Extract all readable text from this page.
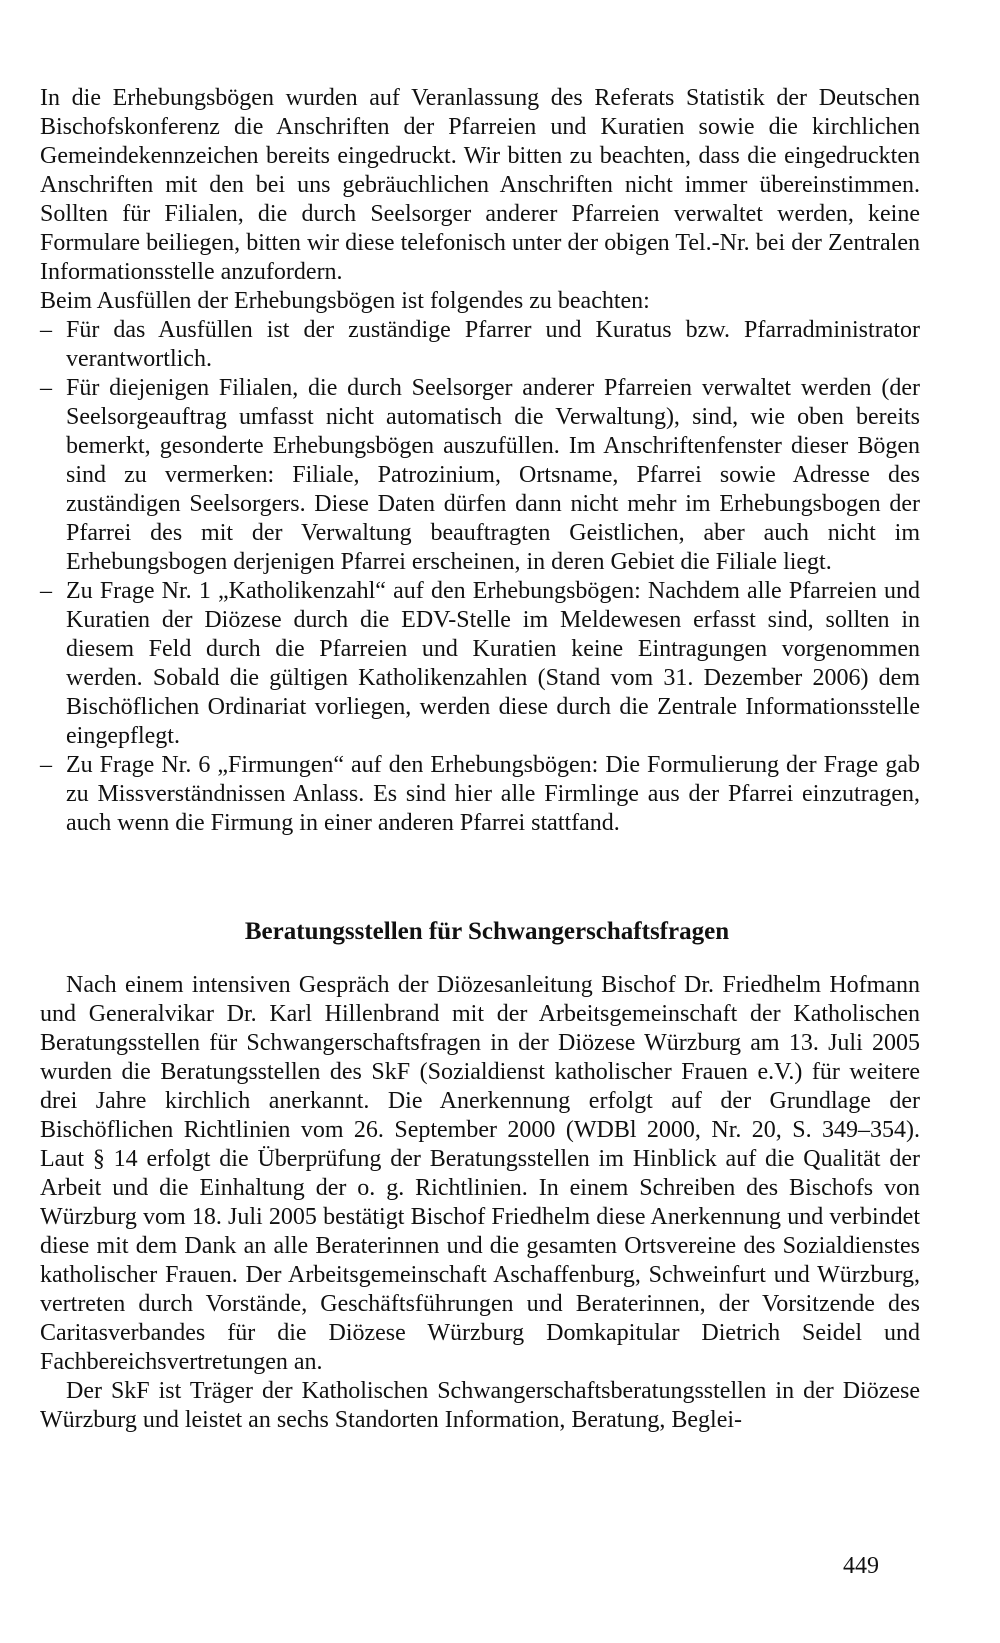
In die Erhebungsbögen wurden auf Veranlassung des Referats Statistik der Deutschen Bischofskonferenz die Anschriften der Pfarreien und Kuratien sowie die kirchlichen Gemeindekennzeichen bereits eingedruckt. Wir bitten zu beachten, dass die eingedruckten Anschriften mit den bei uns gebräuchlichen Anschriften nicht immer übereinstimmen. Sollten für Filialen, die durch Seelsorger anderer Pfarreien verwaltet werden, keine Formulare beiliegen, bitten wir diese telefonisch unter der obigen Tel.-Nr. bei der Zentralen Informationsstelle anzufordern.

Beim Ausfüllen der Erhebungsbögen ist folgendes zu beachten:

– Für das Ausfüllen ist der zuständige Pfarrer und Kuratus bzw. Pfarradministrator verantwortlich.
– Für diejenigen Filialen, die durch Seelsorger anderer Pfarreien verwaltet werden (der Seelsorgeauftrag umfasst nicht automatisch die Verwaltung), sind, wie oben bereits bemerkt, gesonderte Erhebungsbögen auszufüllen. Im Anschriftenfenster dieser Bögen sind zu vermerken: Filiale, Patrozinium, Ortsname, Pfarrei sowie Adresse des zuständigen Seelsorgers. Diese Daten dürfen dann nicht mehr im Erhebungsbogen der Pfarrei des mit der Verwaltung beauftragten Geistlichen, aber auch nicht im Erhebungsbogen derjenigen Pfarrei erscheinen, in deren Gebiet die Filiale liegt.
– Zu Frage Nr. 1 „Katholikenzahl“ auf den Erhebungsbögen: Nachdem alle Pfarreien und Kuratien der Diözese durch die EDV-Stelle im Meldewesen erfasst sind, sollten in diesem Feld durch die Pfarreien und Kuratien keine Eintragungen vorgenommen werden. Sobald die gültigen Katholikenzahlen (Stand vom 31. Dezember 2006) dem Bischöflichen Ordinariat vorliegen, werden diese durch die Zentrale Informationsstelle eingepflegt.
– Zu Frage Nr. 6 „Firmungen“ auf den Erhebungsbögen: Die Formulierung der Frage gab zu Missverständnissen Anlass. Es sind hier alle Firmlinge aus der Pfarrei einzutragen, auch wenn die Firmung in einer anderen Pfarrei stattfand.
Beratungsstellen für Schwangerschaftsfragen

Nach einem intensiven Gespräch der Diözesanleitung Bischof Dr. Friedhelm Hofmann und Generalvikar Dr. Karl Hillenbrand mit der Arbeitsgemeinschaft der Katholischen Beratungsstellen für Schwangerschaftsfragen in der Diözese Würzburg am 13. Juli 2005 wurden die Beratungsstellen des SkF (Sozialdienst katholischer Frauen e.V.) für weitere drei Jahre kirchlich anerkannt. Die Anerkennung erfolgt auf der Grundlage der Bischöflichen Richtlinien vom 26. September 2000 (WDBl 2000, Nr. 20, S. 349–354). Laut § 14 erfolgt die Überprüfung der Beratungsstellen im Hinblick auf die Qualität der Arbeit und die Einhaltung der o. g. Richtlinien. In einem Schreiben des Bischofs von Würzburg vom 18. Juli 2005 bestätigt Bischof Friedhelm diese Anerkennung und verbindet diese mit dem Dank an alle Beraterinnen und die gesamten Ortsvereine des Sozialdienstes katholischer Frauen. Der Arbeitsgemeinschaft Aschaffenburg, Schweinfurt und Würzburg, vertreten durch Vorstände, Geschäftsführungen und Beraterinnen, der Vorsitzende des Caritasverbandes für die Diözese Würzburg Domkapitular Dietrich Seidel und Fachbereichsvertretungen an.

Der SkF ist Träger der Katholischen Schwangerschaftsberatungsstellen in der Diözese Würzburg und leistet an sechs Standorten Information, Beratung, Beglei-

449
